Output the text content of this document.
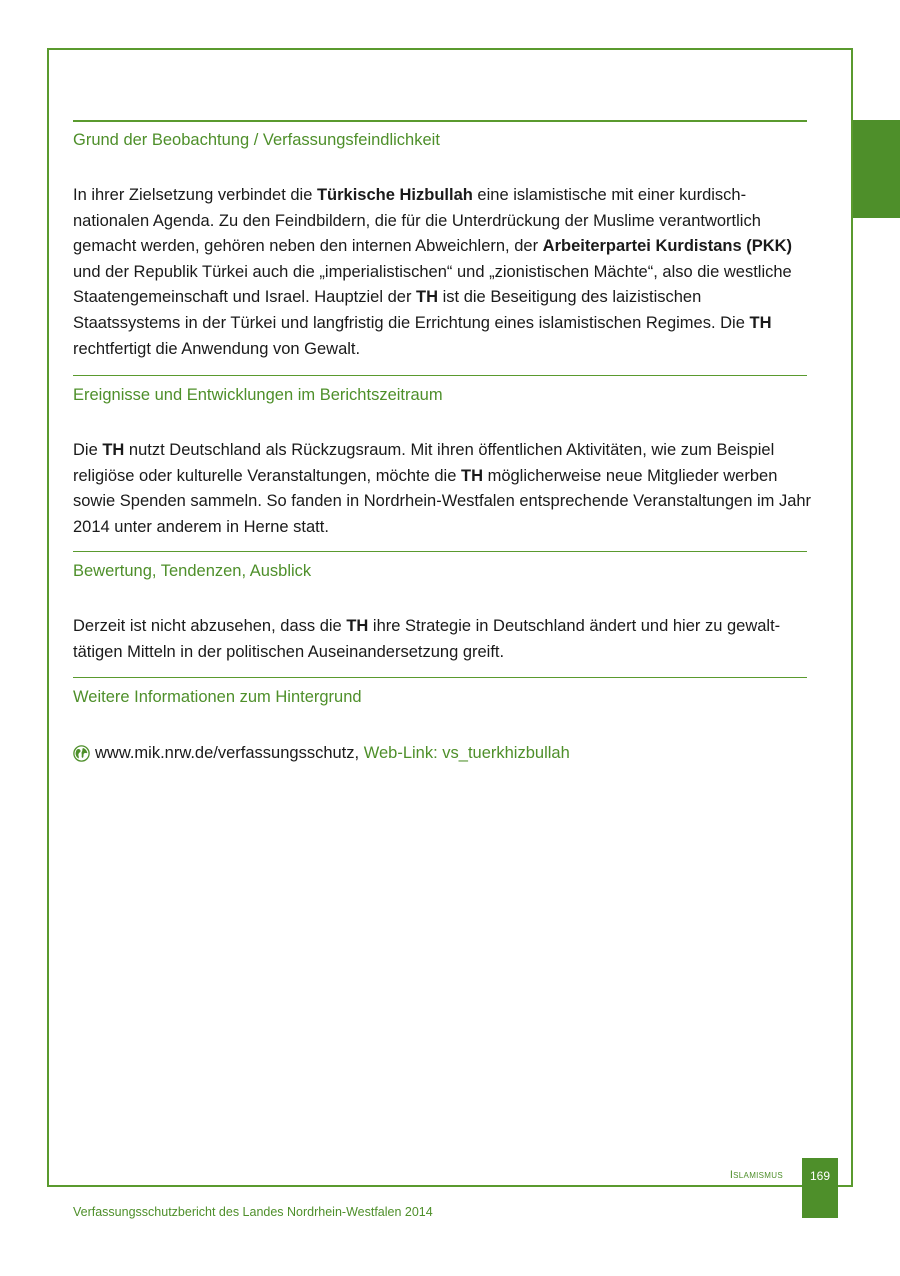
Grund der Beobachtung / Verfassungsfeindlichkeit

In ihrer Zielsetzung verbindet die Türkische Hizbullah eine islamistische mit einer kurdisch-nationalen Agenda. Zu den Feindbildern, die für die Unterdrückung der Muslime verantwortlich gemacht werden, gehören neben den internen Abweichlern, der Arbeiterpartei Kurdistans (PKK) und der Republik Türkei auch die „imperialistischen“ und „zionistischen Mächte“, also die westliche Staatengemeinschaft und Israel. Hauptziel der TH ist die Beseitigung des laizistischen Staatssystems in der Türkei und langfristig die Errichtung eines islamistischen Regimes. Die TH rechtfertigt die Anwendung von Gewalt.

Ereignisse und Entwicklungen im Berichtszeitraum

Die TH nutzt Deutschland als Rückzugsraum. Mit ihren öffentlichen Aktivitäten, wie zum Beispiel religiöse oder kulturelle Veranstaltungen, möchte die TH möglicherweise neue Mitglieder werben sowie Spenden sammeln. So fanden in Nordrhein-Westfalen entsprechende Veranstaltungen im Jahr 2014 unter anderem in Herne statt.

Bewertung, Tendenzen, Ausblick

Derzeit ist nicht abzusehen, dass die TH ihre Strategie in Deutschland ändert und hier zu gewalt-tätigen Mitteln in der politischen Auseinandersetzung greift.

Weitere Informationen zum Hintergrund
www.mik.nrw.de/verfassungsschutz,
Web-Link: vs_tuerkhizbullah
Islamismus	169
Verfassungsschutzbericht des Landes Nordrhein-Westfalen 2014
